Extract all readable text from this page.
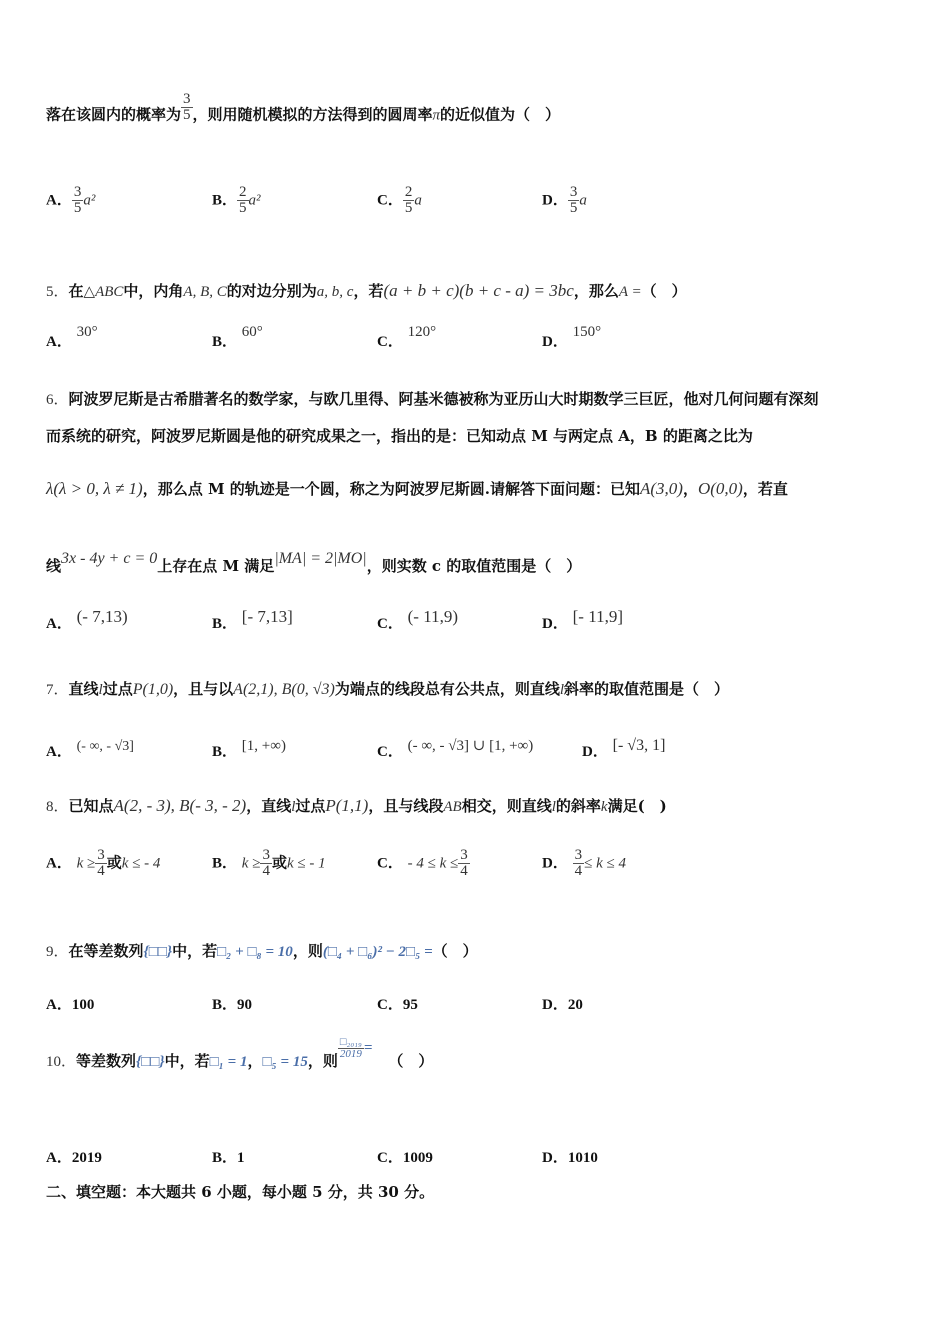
落在该圆内的概率为 $\frac{3}{5}$ ，则用随机模拟的方法得到的圆周率π的近似值为（　）
A． $\frac{3}{5} a^2$	B． $\frac{2}{5} a^2$	C． $\frac{2}{5}$ a	D． $\frac{3}{5}$ a
5．在△ABC中，内角A, B, C的对边分别为a, b, c，若(a + b + c)(b + c - a) = 3bc，那么A =（　）
A． 30°
B． 60°
C． 120°
D． 150°
6．阿波罗尼斯是古希腊著名的数学家，与欧几里得、阿基米德被称为亚历山大时期数学三巨匠，他对几何问题有深刻
而系统的研究，阿波罗尼斯圆是他的研究成果之一，指出的是：已知动点 M 与两定点 A，B 的距离之比为
λ(λ > 0, λ ≠ 1)，那么点 M 的轨迹是一个圆，称之为阿波罗尼斯圆.请解答下面问题：已知A(3,0)，O(0,0)，若直
线3x - 4y + c = 0上存在点 M 满足|MA| = 2|MO|，则实数 c 的取值范围是（　）
A． (- 7,13)	B． [- 7,13]	C． (- 11,9)	D． [- 11,9]
7．直线l过点P(1,0)，且与以A(2,1), B(0, √3)为端点的线段总有公共点，则直线l斜率的取值范围是（　）
A． (- ∞, - √3]	B． [1, +∞)	C． (- ∞, - √3] ∪ [1, +∞)	D． [- √3, 1]
8．已知点A(2, - 3), B(- 3, - 2)，直线l过点P(1,1)，且与线段AB相交，则直线l的斜率k满足(　)
A． $k \ge \frac{3}{4}$ 或k ≤ - 4	B． $k \ge \frac{3}{4}$ 或k ≤ - 1	C． - $4 \le k \le \frac{3}{4}$	D． $\frac{3}{4} \le k \le 4$
9．在等差数列{□□}中，若□₂ + □₈ = 10，则(□₄ + □₆)² − 2□₅ =（　）
A．100	B．90	C．95	D．20
10．等差数列{□□}中，若□₁ = 1，□₅ = 15，则
$\frac{\text{□₂₀₁₉}}{2019}$ =（　）
A．2019	B．1	C．1009	D．1010
二、填空题：本大题共 6 小题，每小题 5 分，共 30 分。
